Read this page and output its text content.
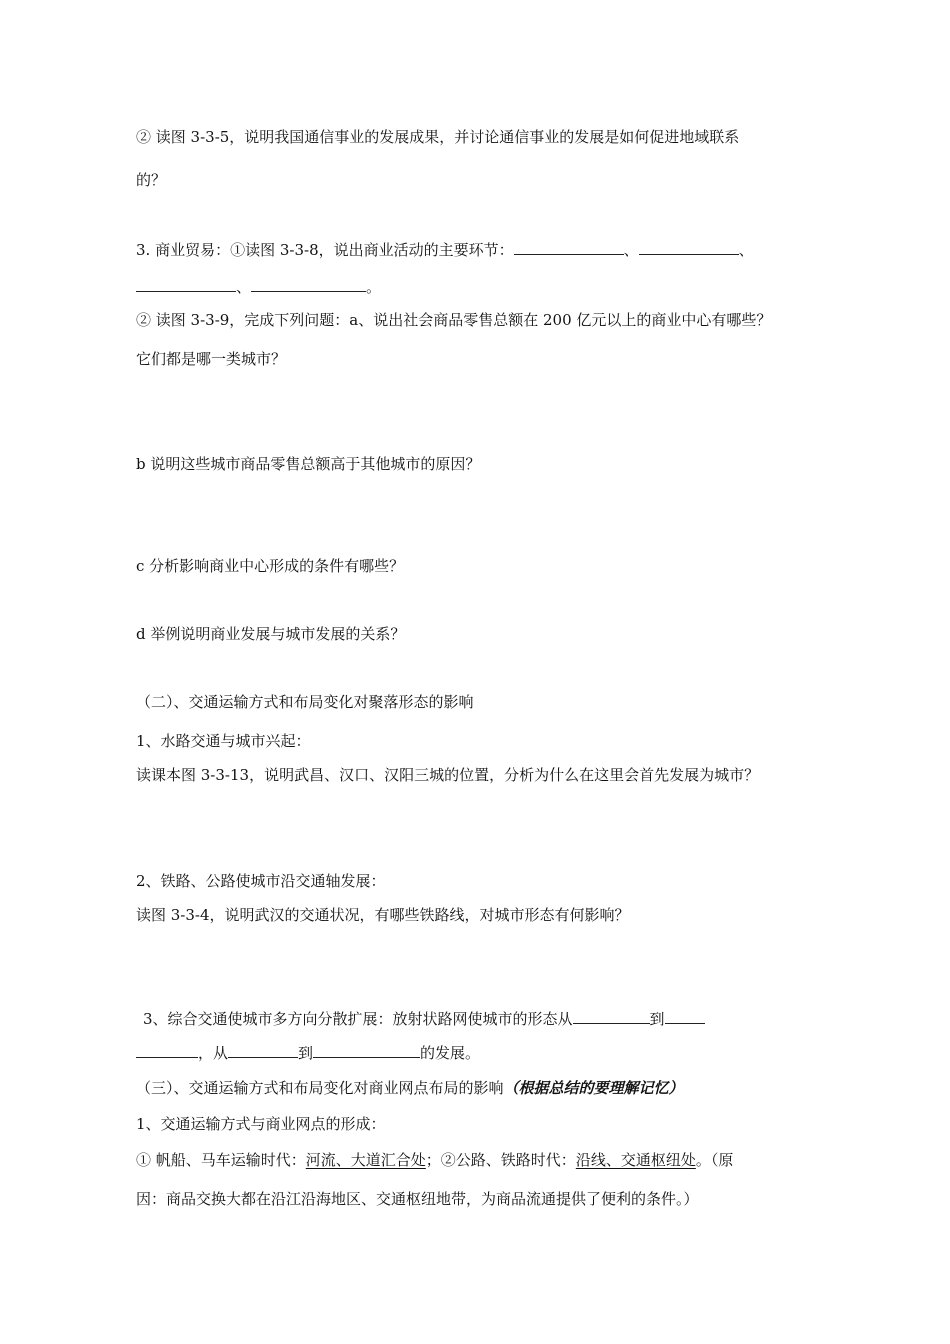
② 读图 3-3-5，说明我国通信事业的发展成果，并讨论通信事业的发展是如何促进地域联系
的？
3. 商业贸易：①读图 3-3-8，说出商业活动的主要环节：	、	、
、	。
② 读图 3-3-9，完成下列问题：a、说出社会商品零售总额在 200 亿元以上的商业中心有哪些？
它们都是哪一类城市？
b 说明这些城市商品零售总额高于其他城市的原因？
c 分析影响商业中心形成的条件有哪些？
d 举例说明商业发展与城市发展的关系？
（二）、交通运输方式和布局变化对聚落形态的影响
1、水路交通与城市兴起：
读课本图 3-3-13，说明武昌、汉口、汉阳三城的位置，分析为什么在这里会首先发展为城市？
2、铁路、公路使城市沿交通轴发展：
读图 3-3-4，说明武汉的交通状况，有哪些铁路线，对城市形态有何影响？
3、综合交通使城市多方向分散扩展：放射状路网使城市的形态从	到
，从	到	的发展。
（三）、交通运输方式和布局变化对商业网点布局的影响（根据总结的要理解记忆）
1、交通运输方式与商业网点的形成：
① 帆船、马车运输时代：河流、大道汇合处；②公路、铁路时代：沿线、交通枢纽处。（原
因：商品交换大都在沿江沿海地区、交通枢纽地带，为商品流通提供了便利的条件。）
